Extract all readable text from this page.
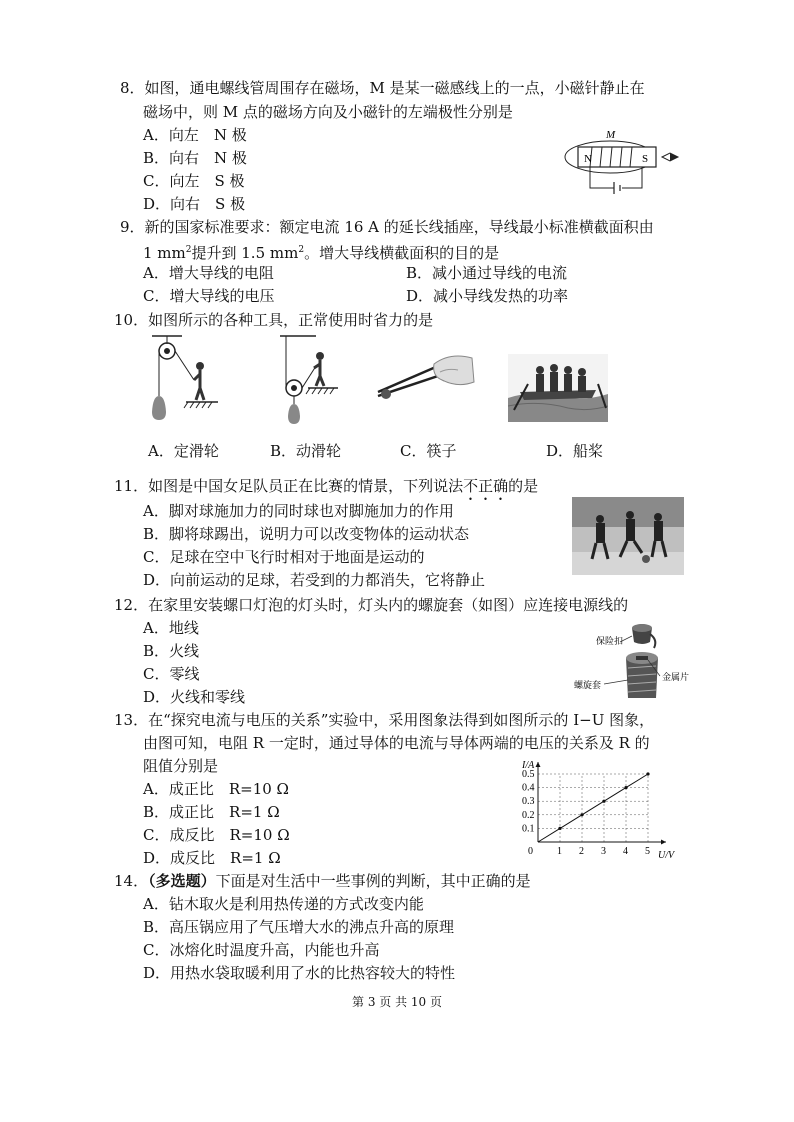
8．如图，通电螺线管周围存在磁场，M 是某一磁感线上的一点，小磁针静止在
磁场中，则 M 点的磁场方向及小磁针的左端极性分别是
A．向左　N 极
B．向右　N 极
C．向左　S 极
D．向右　S 极
N	S
M
9．新的国家标准要求：额定电流 16 A 的延长线插座，导线最小标准横截面积由
1 $mm^2$提升到 1.5 $mm^2$。增大导线横截面积的目的是
A．增大导线的电阻	B．减小通过导线的电流
C．增大导线的电压	D．减小导线发热的功率
10．如图所示的各种工具，正常使用时省力的是
A．定滑轮	B．动滑轮	C．筷子	D．船桨
11．如图是中国女足队员正在比赛的情景，下列说法不正确的是
A．脚对球施加力的同时球也对脚施加力的作用
B．脚将球踢出，说明力可以改变物体的运动状态
C．足球在空中飞行时相对于地面是运动的
D．向前运动的足球，若受到的力都消失，它将静止
12．在家里安装螺口灯泡的灯头时，灯头内的螺旋套（如图）应连接电源线的
A．地线
B．火线
C．零线
D．火线和零线
保险扣
金属片
螺旋套
13．在“探究电流与电压的关系”实验中，采用图象法得到如图所示的 I−U 图象，
由图可知，电阻 R 一定时，通过导体的电流与导体两端的电压的关系及 R 的
阻值分别是
A．成正比　R=10 Ω
B．成正比　R=1 Ω
C．成反比　R=10 Ω
D．成反比　R=1 Ω	0 1 2 3 4 5
0.1
0.2
0.3
0.4
0.5
I/A
U/V
14．（多选题）下面是对生活中一些事例的判断，其中正确的是
A．钻木取火是利用热传递的方式改变内能
B．高压锅应用了气压增大水的沸点升高的原理
C．冰熔化时温度升高，内能也升高
D．用热水袋取暖利用了水的比热容较大的特性
第 3 页 共 10 页
